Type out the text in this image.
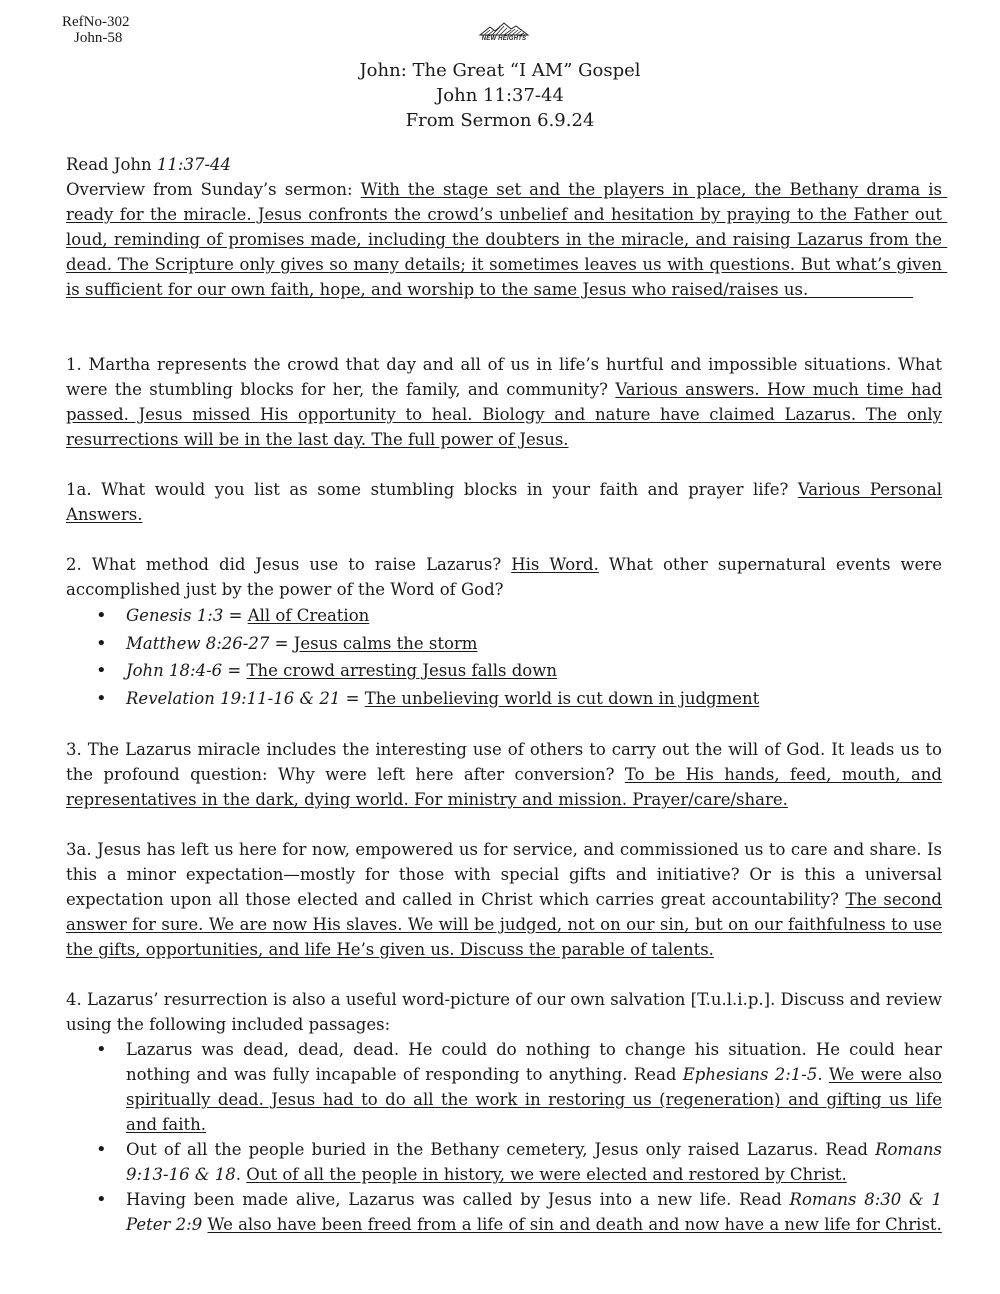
RefNo-302
John-58	NEW HEIGHTS
John: The Great “I AM” Gospel
John 11:37-44
From Sermon 6.9.24

Read John 11:37-44

Overview from Sunday’s sermon: With the stage set and the players in place, the Bethany drama is ready for the miracle. Jesus confronts the crowd’s unbelief and hesitation by praying to the Father out loud, reminding of promises made, including the doubters in the miracle, and raising Lazarus from the dead. The Scripture only gives so many details; it sometimes leaves us with questions. But what’s given is sufficient for our own faith, hope, and worship to the same Jesus who raised/raises us.

1. Martha represents the crowd that day and all of us in life’s hurtful and impossible situations. What were the stumbling blocks for her, the family, and community? Various answers. How much time had passed. Jesus missed His opportunity to heal. Biology and nature have claimed Lazarus. The only resurrections will be in the last day. The full power of Jesus.

1a. What would you list as some stumbling blocks in your faith and prayer life? Various Personal Answers.

2. What method did Jesus use to raise Lazarus? His Word. What other supernatural events were accomplished just by the power of the Word of God?

• Genesis 1:3 = All of Creation
• Matthew 8:26-27 = Jesus calms the storm
• John 18:4-6 = The crowd arresting Jesus falls down
• Revelation 19:11-16 & 21 = The unbelieving world is cut down in judgment

3. The Lazarus miracle includes the interesting use of others to carry out the will of God. It leads us to the profound question: Why were left here after conversion? To be His hands, feed, mouth, and representatives in the dark, dying world. For ministry and mission. Prayer/care/share.

3a. Jesus has left us here for now, empowered us for service, and commissioned us to care and share. Is this a minor expectation—mostly for those with special gifts and initiative? Or is this a universal expectation upon all those elected and called in Christ which carries great accountability? The second answer for sure. We are now His slaves. We will be judged, not on our sin, but on our faithfulness to use the gifts, opportunities, and life He’s given us. Discuss the parable of talents.

4. Lazarus’ resurrection is also a useful word-picture of our own salvation [T.u.l.i.p.]. Discuss and review using the following included passages:

• Lazarus was dead, dead, dead. He could do nothing to change his situation. He could hear nothing and was fully incapable of responding to anything. Read Ephesians 2:1-5. We were also spiritually dead. Jesus had to do all the work in restoring us (regeneration) and gifting us life and faith.
• Out of all the people buried in the Bethany cemetery, Jesus only raised Lazarus. Read Romans 9:13-16 & 18. Out of all the people in history, we were elected and restored by Christ.
• Having been made alive, Lazarus was called by Jesus into a new life. Read Romans 8:30 & 1 Peter 2:9 We also have been freed from a life of sin and death and now have a new life for Christ.
